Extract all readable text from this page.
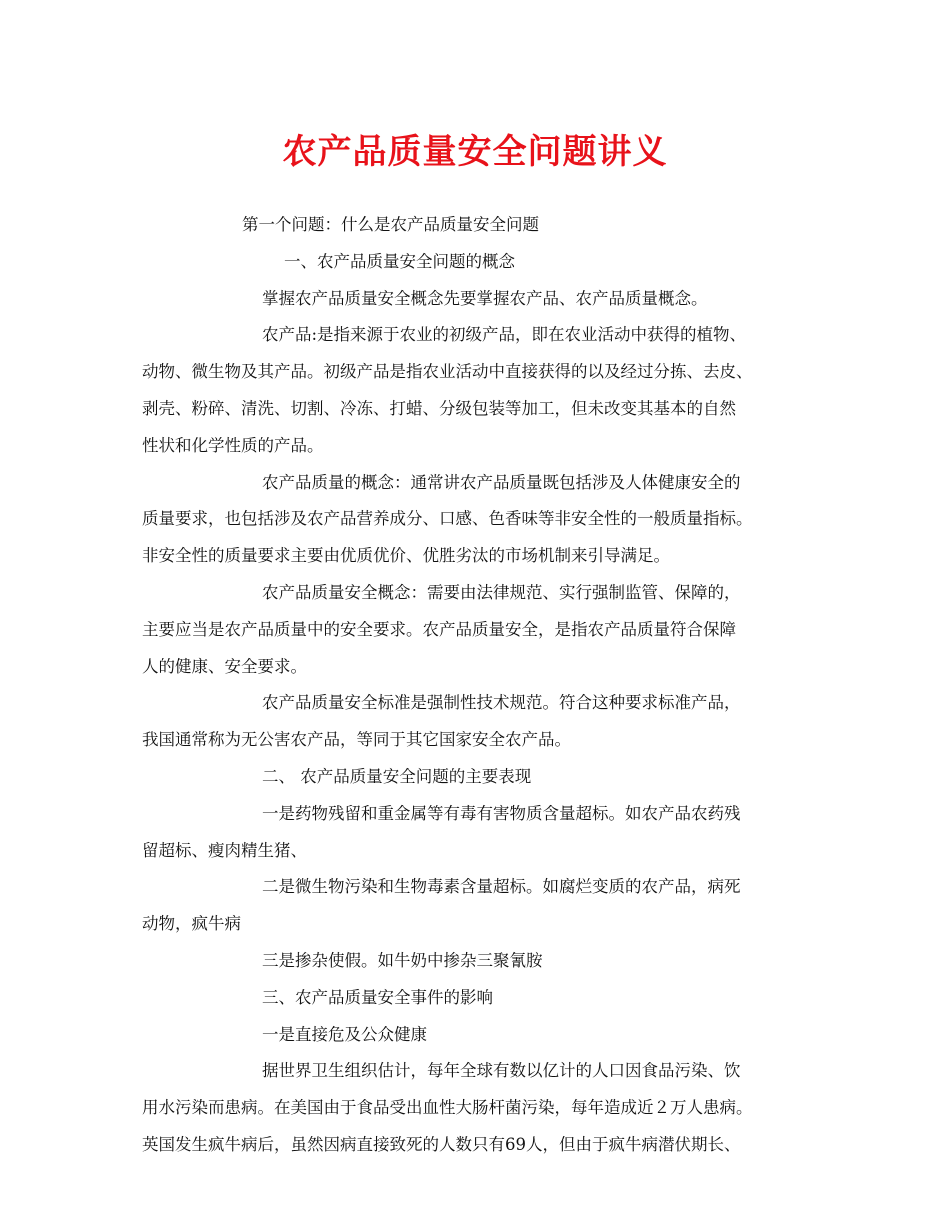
农产品质量安全问题讲义

第一个问题：什么是农产品质量安全问题

一、农产品质量安全问题的概念

掌握农产品质量安全概念先要掌握农产品、农产品质量概念。

农产品:是指来源于农业的初级产品，即在农业活动中获得的植物、

动物、微生物及其产品。初级产品是指农业活动中直接获得的以及经过分拣、去皮、

剥壳、粉碎、清洗、切割、冷冻、打蜡、分级包装等加工，但未改变其基本的自然

性状和化学性质的产品。

农产品质量的概念：通常讲农产品质量既包括涉及人体健康安全的

质量要求，也包括涉及农产品营养成分、口感、色香味等非安全性的一般质量指标。

非安全性的质量要求主要由优质优价、优胜劣汰的市场机制来引导满足。

农产品质量安全概念：需要由法律规范、实行强制监管、保障的，

主要应当是农产品质量中的安全要求。农产品质量安全，是指农产品质量符合保障

人的健康、安全要求。

农产品质量安全标准是强制性技术规范。符合这种要求标准产品，

我国通常称为无公害农产品，等同于其它国家安全农产品。

二、 农产品质量安全问题的主要表现

一是药物残留和重金属等有毒有害物质含量超标。如农产品农药残

留超标、瘦肉精生猪、

二是微生物污染和生物毒素含量超标。如腐烂变质的农产品，病死

动物，疯牛病

三是掺杂使假。如牛奶中掺杂三聚氰胺

三、农产品质量安全事件的影响

一是直接危及公众健康

据世界卫生组织估计，每年全球有数以亿计的人口因食品污染、饮

用水污染而患病。在美国由于食品受出血性大肠杆菌污染，每年造成近２万人患病。

英国发生疯牛病后，虽然因病直接致死的人数只有69人，但由于疯牛病潜伏期长、
